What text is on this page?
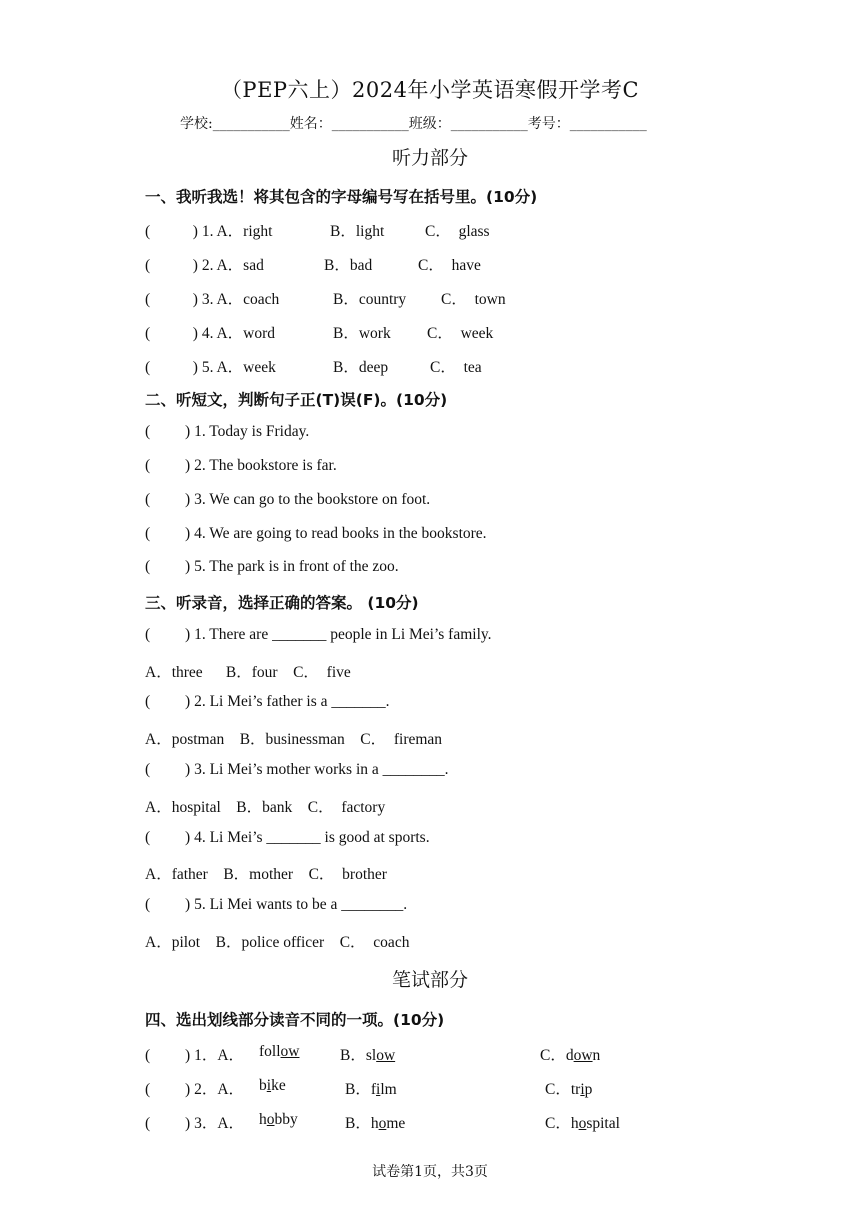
（PEP六上）2024年小学英语寒假开学考C
学校:___________姓名：___________班级：___________考号：___________
听力部分
一、我听我选！将其包含的字母编号写在括号里。(10分)
(           ) 1. A．right	B．light	C．  glass
(           ) 2. A．sad	B．bad	C．  have
(           ) 3. A．coach	B．country C．  town
(           ) 4. A．word	B．work C．  week
(           ) 5. A．week	B．deep	C．  tea
二、听短文，判断句子正(T)误(F)。(10分)
(         ) 1. Today is Friday.
(         ) 2. The bookstore is far.
(         ) 3. We can go to the bookstore on foot.
(         ) 4. We are going to read books in the bookstore.
(         ) 5. The park is in front of the zoo.
三、听录音，选择正确的答案。 (10分)
(         ) 1. There are _______ people in Li Mei’s family.
A．three      B．four    C．  five
(         ) 2. Li Mei’s father is a _______.
A．postman    B．businessman    C．  fireman
(         ) 3. Li Mei’s mother works in a ________.
A．hospital    B．bank    C．  factory
(         ) 4. Li Mei’s _______ is good at sports.
A．father    B．mother    C．  brother
(         ) 5. Li Mei wants to be a ________.
A．pilot    B．police officer    C．  coach
笔试部分
四、选出划线部分读音不同的一项。(10分)
(         ) 1．A． follow	B．slow	C．down
(         ) 2．A． bike	B．film	C．trip
(         ) 3．A． hobby	B．home	C．hospital
试卷第1页，共3页
